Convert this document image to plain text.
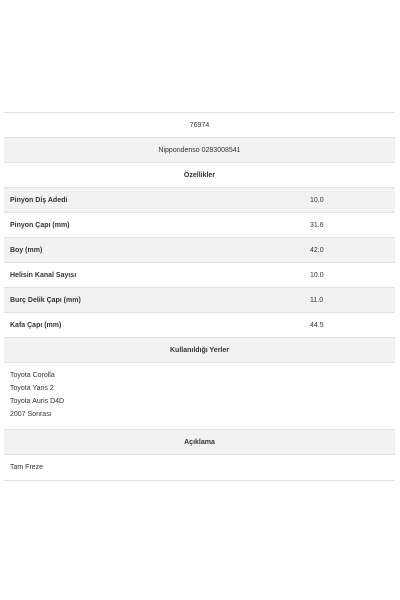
76974
Nippondenso 0283008541
Özellikler
Pinyon Diş Adedi	10.0
Pinyon Çapı (mm)	31.6
Boy (mm)	42.0
Helisin Kanal Sayısı	10.0
Burç Delik Çapı (mm)	11.0
Kafa Çapı (mm)	44.5
Kullanıldığı Yerler
Toyota Corolla
Toyota Yaris 2
Toyota Auris D4D
2007 Sonrası
Açıklama
Tam Freze
